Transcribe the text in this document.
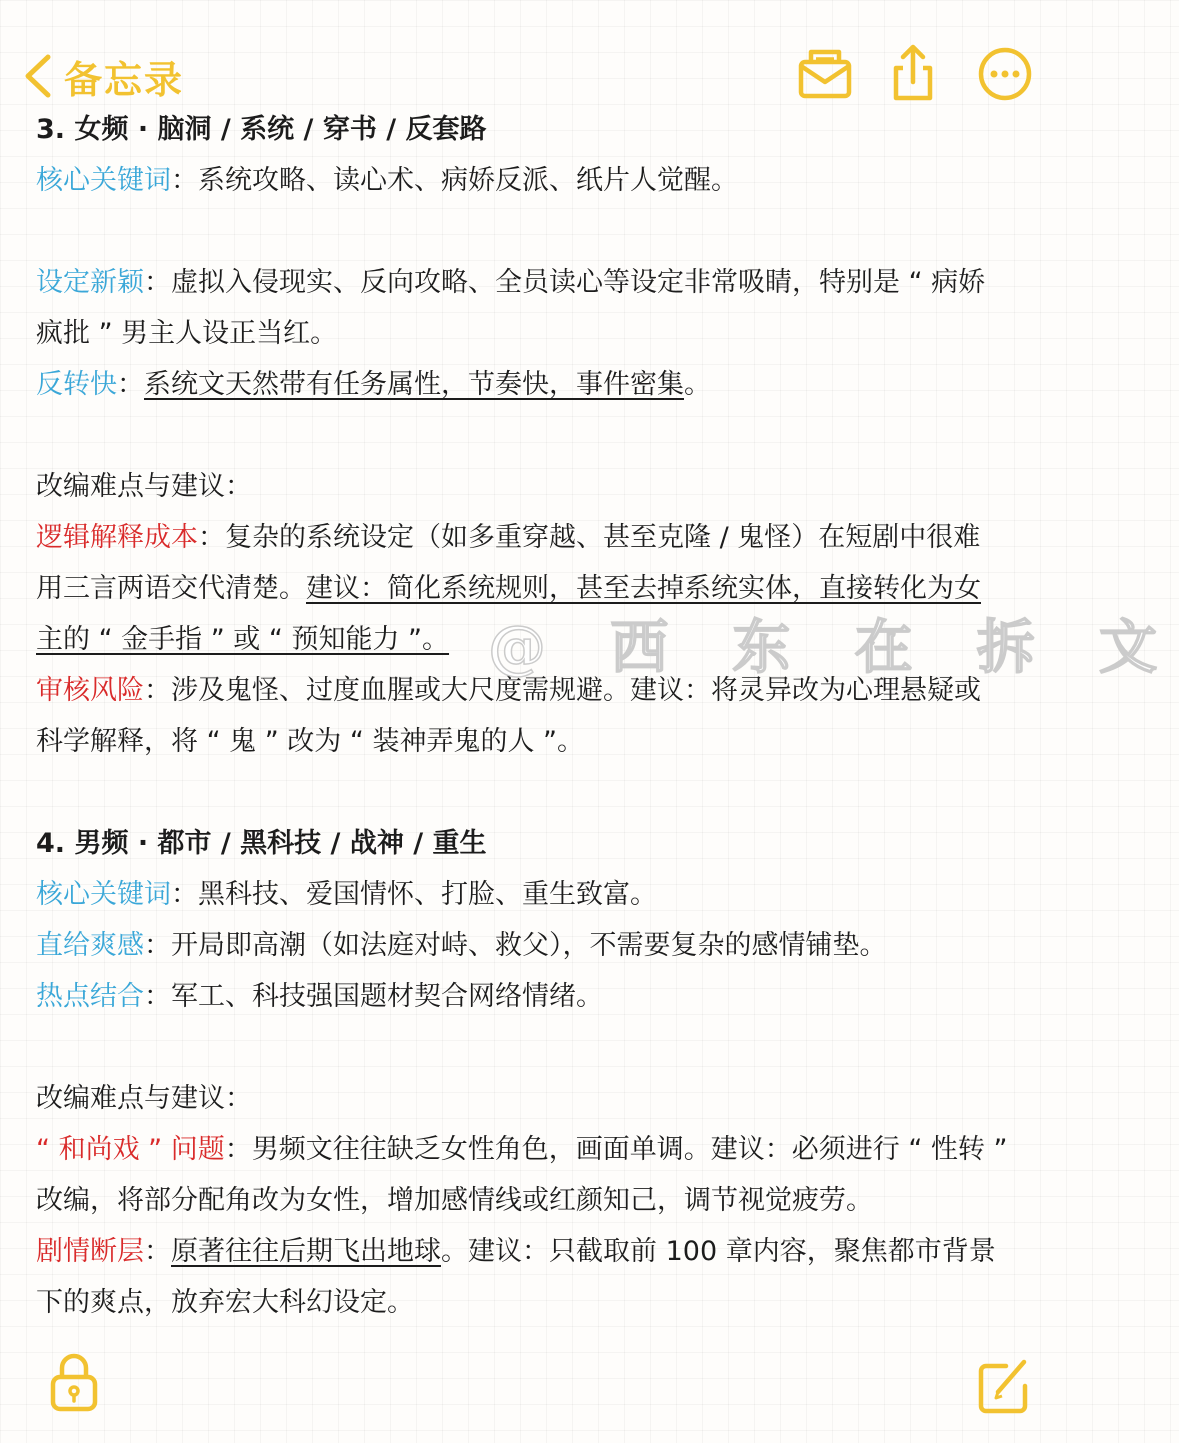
备忘录
3. 女频 · 脑洞 / 系统 / 穿书 / 反套路
核心关键词：系统攻略、读心术、病娇反派、纸片人觉醒。
设定新颖：虚拟入侵现实、反向攻略、全员读心等设定非常吸睛，特别是 “ 病娇
疯批 ” 男主人设正当红。
反转快：系统文天然带有任务属性，节奏快，事件密集。
改编难点与建议：
逻辑解释成本：复杂的系统设定（如多重穿越、甚至克隆 / 鬼怪）在短剧中很难
用三言两语交代清楚。建议：简化系统规则，甚至去掉系统实体，直接转化为女
主的 “ 金手指 ” 或 “ 预知能力 ”。
审核风险：涉及鬼怪、过度血腥或大尺度需规避。建议：将灵异改为心理悬疑或
科学解释，将 “ 鬼 ” 改为 “ 装神弄鬼的人 ”。
4. 男频 · 都市 / 黑科技 / 战神 / 重生
核心关键词：黑科技、爱国情怀、打脸、重生致富。
直给爽感：开局即高潮（如法庭对峙、救父），不需要复杂的感情铺垫。
热点结合：军工、科技强国题材契合网络情绪。
改编难点与建议：
“ 和尚戏 ” 问题：男频文往往缺乏女性角色，画面单调。建议：必须进行 “ 性转 ”
改编，将部分配角改为女性，增加感情线或红颜知己，调节视觉疲劳。
剧情断层：原著往往后期飞出地球。建议：只截取前 100 章内容，聚焦都市背景
下的爽点，放弃宏大科幻设定。
@ 西 东 在 拆 文
